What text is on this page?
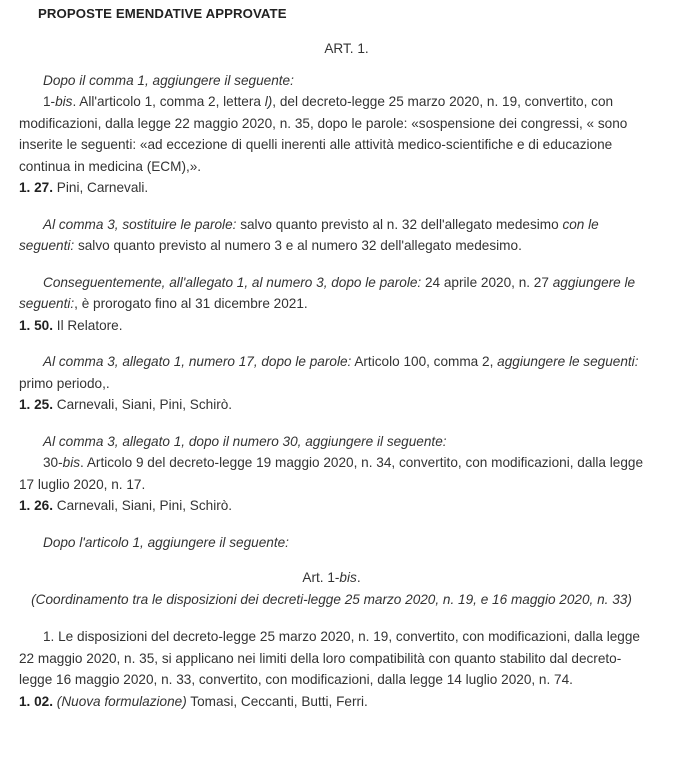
PROPOSTE EMENDATIVE APPROVATE
ART. 1.

Dopo il comma 1, aggiungere il seguente:

1-bis. All'articolo 1, comma 2, lettera l), del decreto-legge 25 marzo 2020, n. 19, convertito, con modificazioni, dalla legge 22 maggio 2020, n. 35, dopo le parole: «sospensione dei congressi, « sono inserite le seguenti: «ad eccezione di quelli inerenti alle attività medico-scientifiche e di educazione continua in medicina (ECM),».

1. 27. Pini, Carnevali.

Al comma 3, sostituire le parole: salvo quanto previsto al n. 32 dell'allegato medesimo con le seguenti: salvo quanto previsto al numero 3 e al numero 32 dell'allegato medesimo.

Conseguentemente, all'allegato 1, al numero 3, dopo le parole: 24 aprile 2020, n. 27 aggiungere le seguenti:, è prorogato fino al 31 dicembre 2021.

1. 50. Il Relatore.

Al comma 3, allegato 1, numero 17, dopo le parole: Articolo 100, comma 2, aggiungere le seguenti: primo periodo,.

1. 25. Carnevali, Siani, Pini, Schirò.

Al comma 3, allegato 1, dopo il numero 30, aggiungere il seguente:

30-bis. Articolo 9 del decreto-legge 19 maggio 2020, n. 34, convertito, con modificazioni, dalla legge 17 luglio 2020, n. 17.

1. 26. Carnevali, Siani, Pini, Schirò.

Dopo l'articolo 1, aggiungere il seguente:

Art. 1-bis.
(Coordinamento tra le disposizioni dei decreti-legge 25 marzo 2020, n. 19, e 16 maggio 2020, n. 33)

1. Le disposizioni del decreto-legge 25 marzo 2020, n. 19, convertito, con modificazioni, dalla legge 22 maggio 2020, n. 35, si applicano nei limiti della loro compatibilità con quanto stabilito dal decreto-legge 16 maggio 2020, n. 33, convertito, con modificazioni, dalla legge 14 luglio 2020, n. 74.

1. 02. (Nuova formulazione) Tomasi, Ceccanti, Butti, Ferri.
